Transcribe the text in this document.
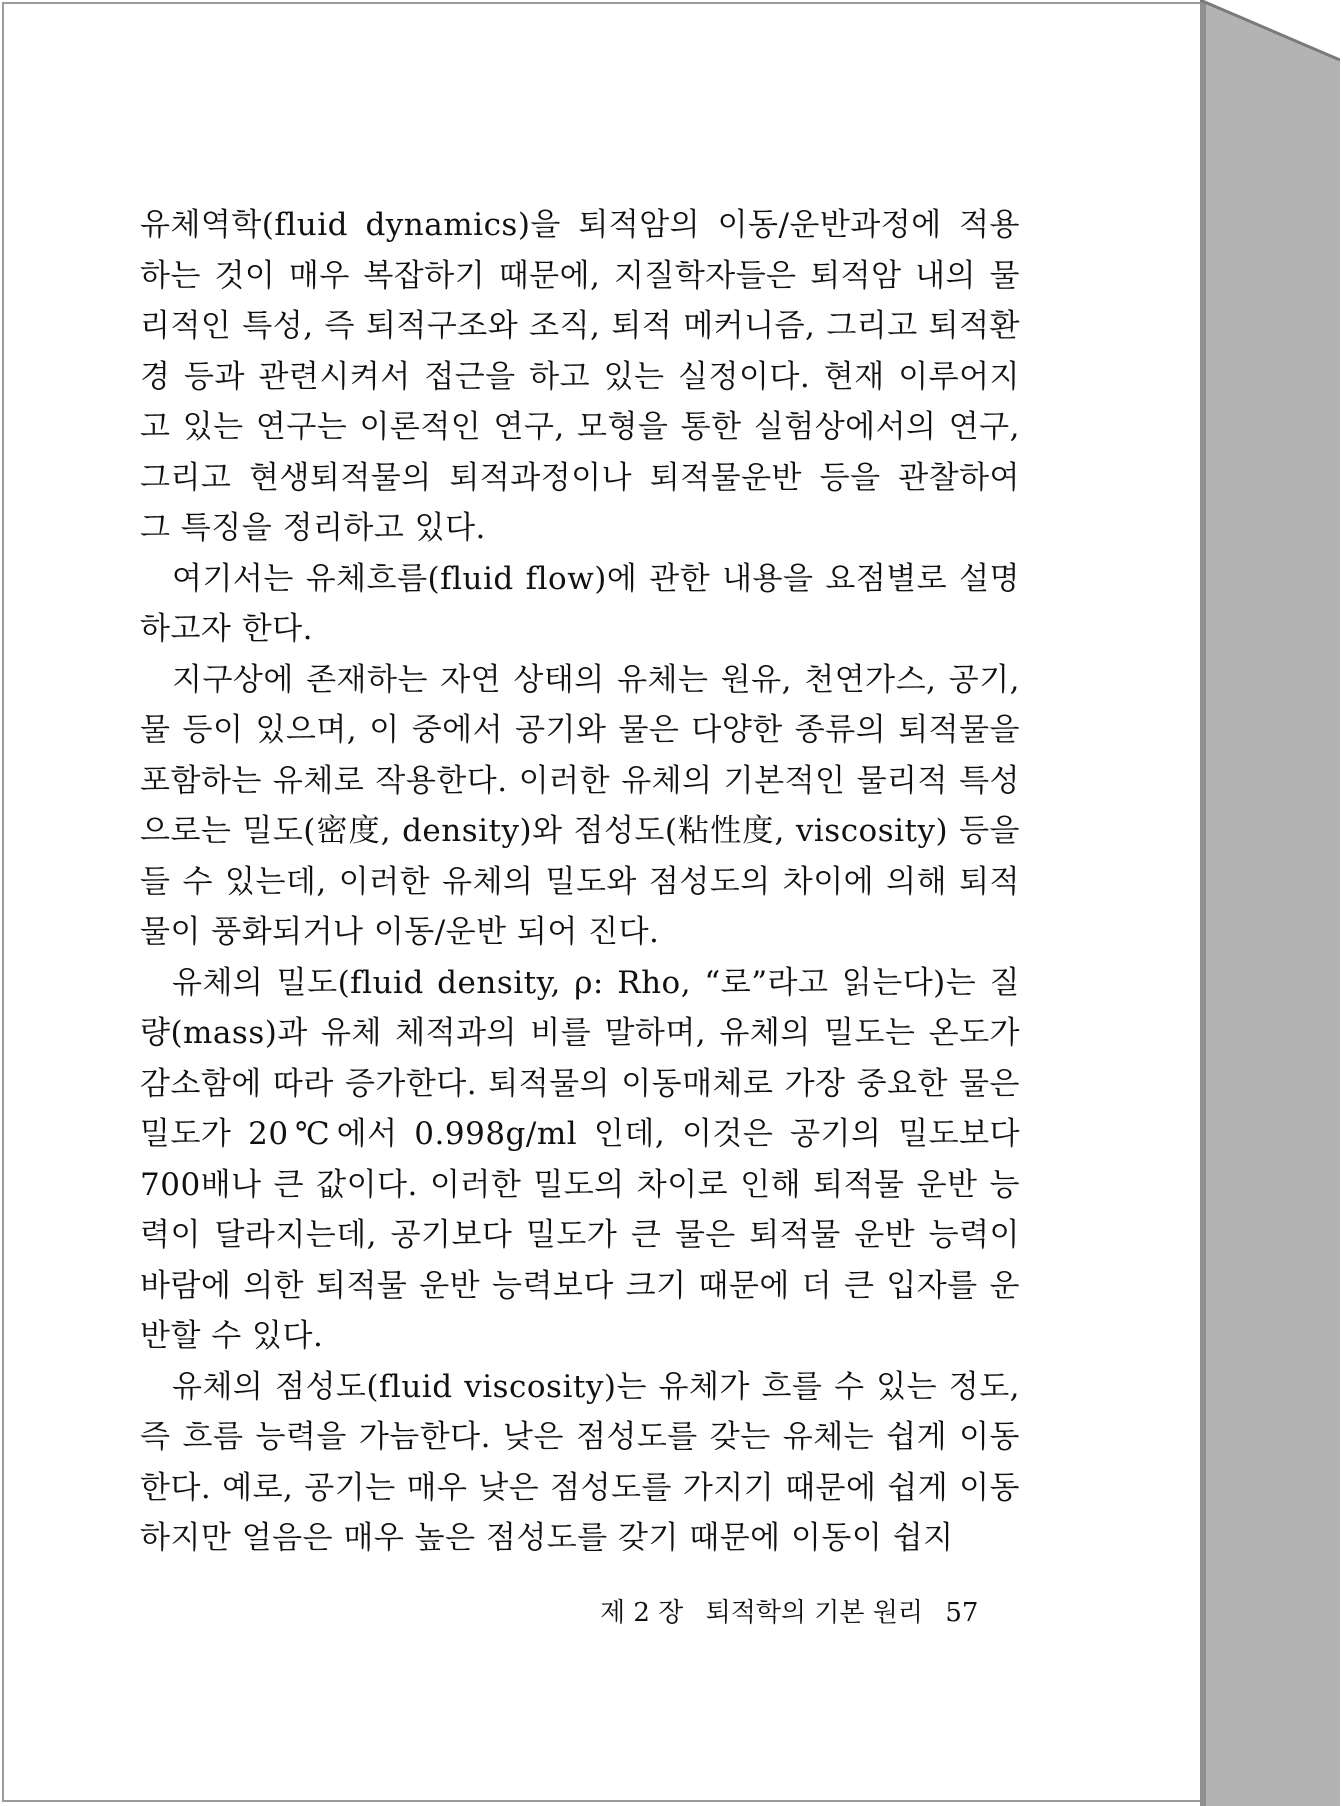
유체역학(fluid dynamics)을 퇴적암의 이동/운반과정에 적용하는 것이 매우 복잡하기 때문에, 지질학자들은 퇴적암 내의 물리적인 특성, 즉 퇴적구조와 조직, 퇴적 메커니즘, 그리고 퇴적환경 등과 관련시켜서 접근을 하고 있는 실정이다. 현재 이루어지고 있는 연구는 이론적인 연구, 모형을 통한 실험상에서의 연구, 그리고 현생퇴적물의 퇴적과정이나 퇴적물운반 등을 관찰하여 그 특징을 정리하고 있다.

여기서는 유체흐름(fluid flow)에 관한 내용을 요점별로 설명하고자 한다.

지구상에 존재하는 자연 상태의 유체는 원유, 천연가스, 공기, 물 등이 있으며, 이 중에서 공기와 물은 다양한 종류의 퇴적물을 포함하는 유체로 작용한다. 이러한 유체의 기본적인 물리적 특성으로는 밀도(密度, density)와 점성도(粘性度, viscosity) 등을 들 수 있는데, 이러한 유체의 밀도와 점성도의 차이에 의해 퇴적물이 풍화되거나 이동/운반 되어 진다.

유체의 밀도(fluid density, ρ: Rho, “로”라고 읽는다)는 질량(mass)과 유체 체적과의 비를 말하며, 유체의 밀도는 온도가 감소함에 따라 증가한다. 퇴적물의 이동매체로 가장 중요한 물은 밀도가 20℃에서 0.998g/ml 인데, 이것은 공기의 밀도보다 700배나 큰 값이다. 이러한 밀도의 차이로 인해 퇴적물 운반 능력이 달라지는데, 공기보다 밀도가 큰 물은 퇴적물 운반 능력이 바람에 의한 퇴적물 운반 능력보다 크기 때문에 더 큰 입자를 운반할 수 있다.

유체의 점성도(fluid viscosity)는 유체가 흐를 수 있는 정도, 즉 흐름 능력을 가늠한다. 낮은 점성도를 갖는 유체는 쉽게 이동한다. 예로, 공기는 매우 낮은 점성도를 가지기 때문에 쉽게 이동하지만 얼음은 매우 높은 점성도를 갖기 때문에 이동이 쉽지

제 2 장 퇴적학의 기본 원리 57
